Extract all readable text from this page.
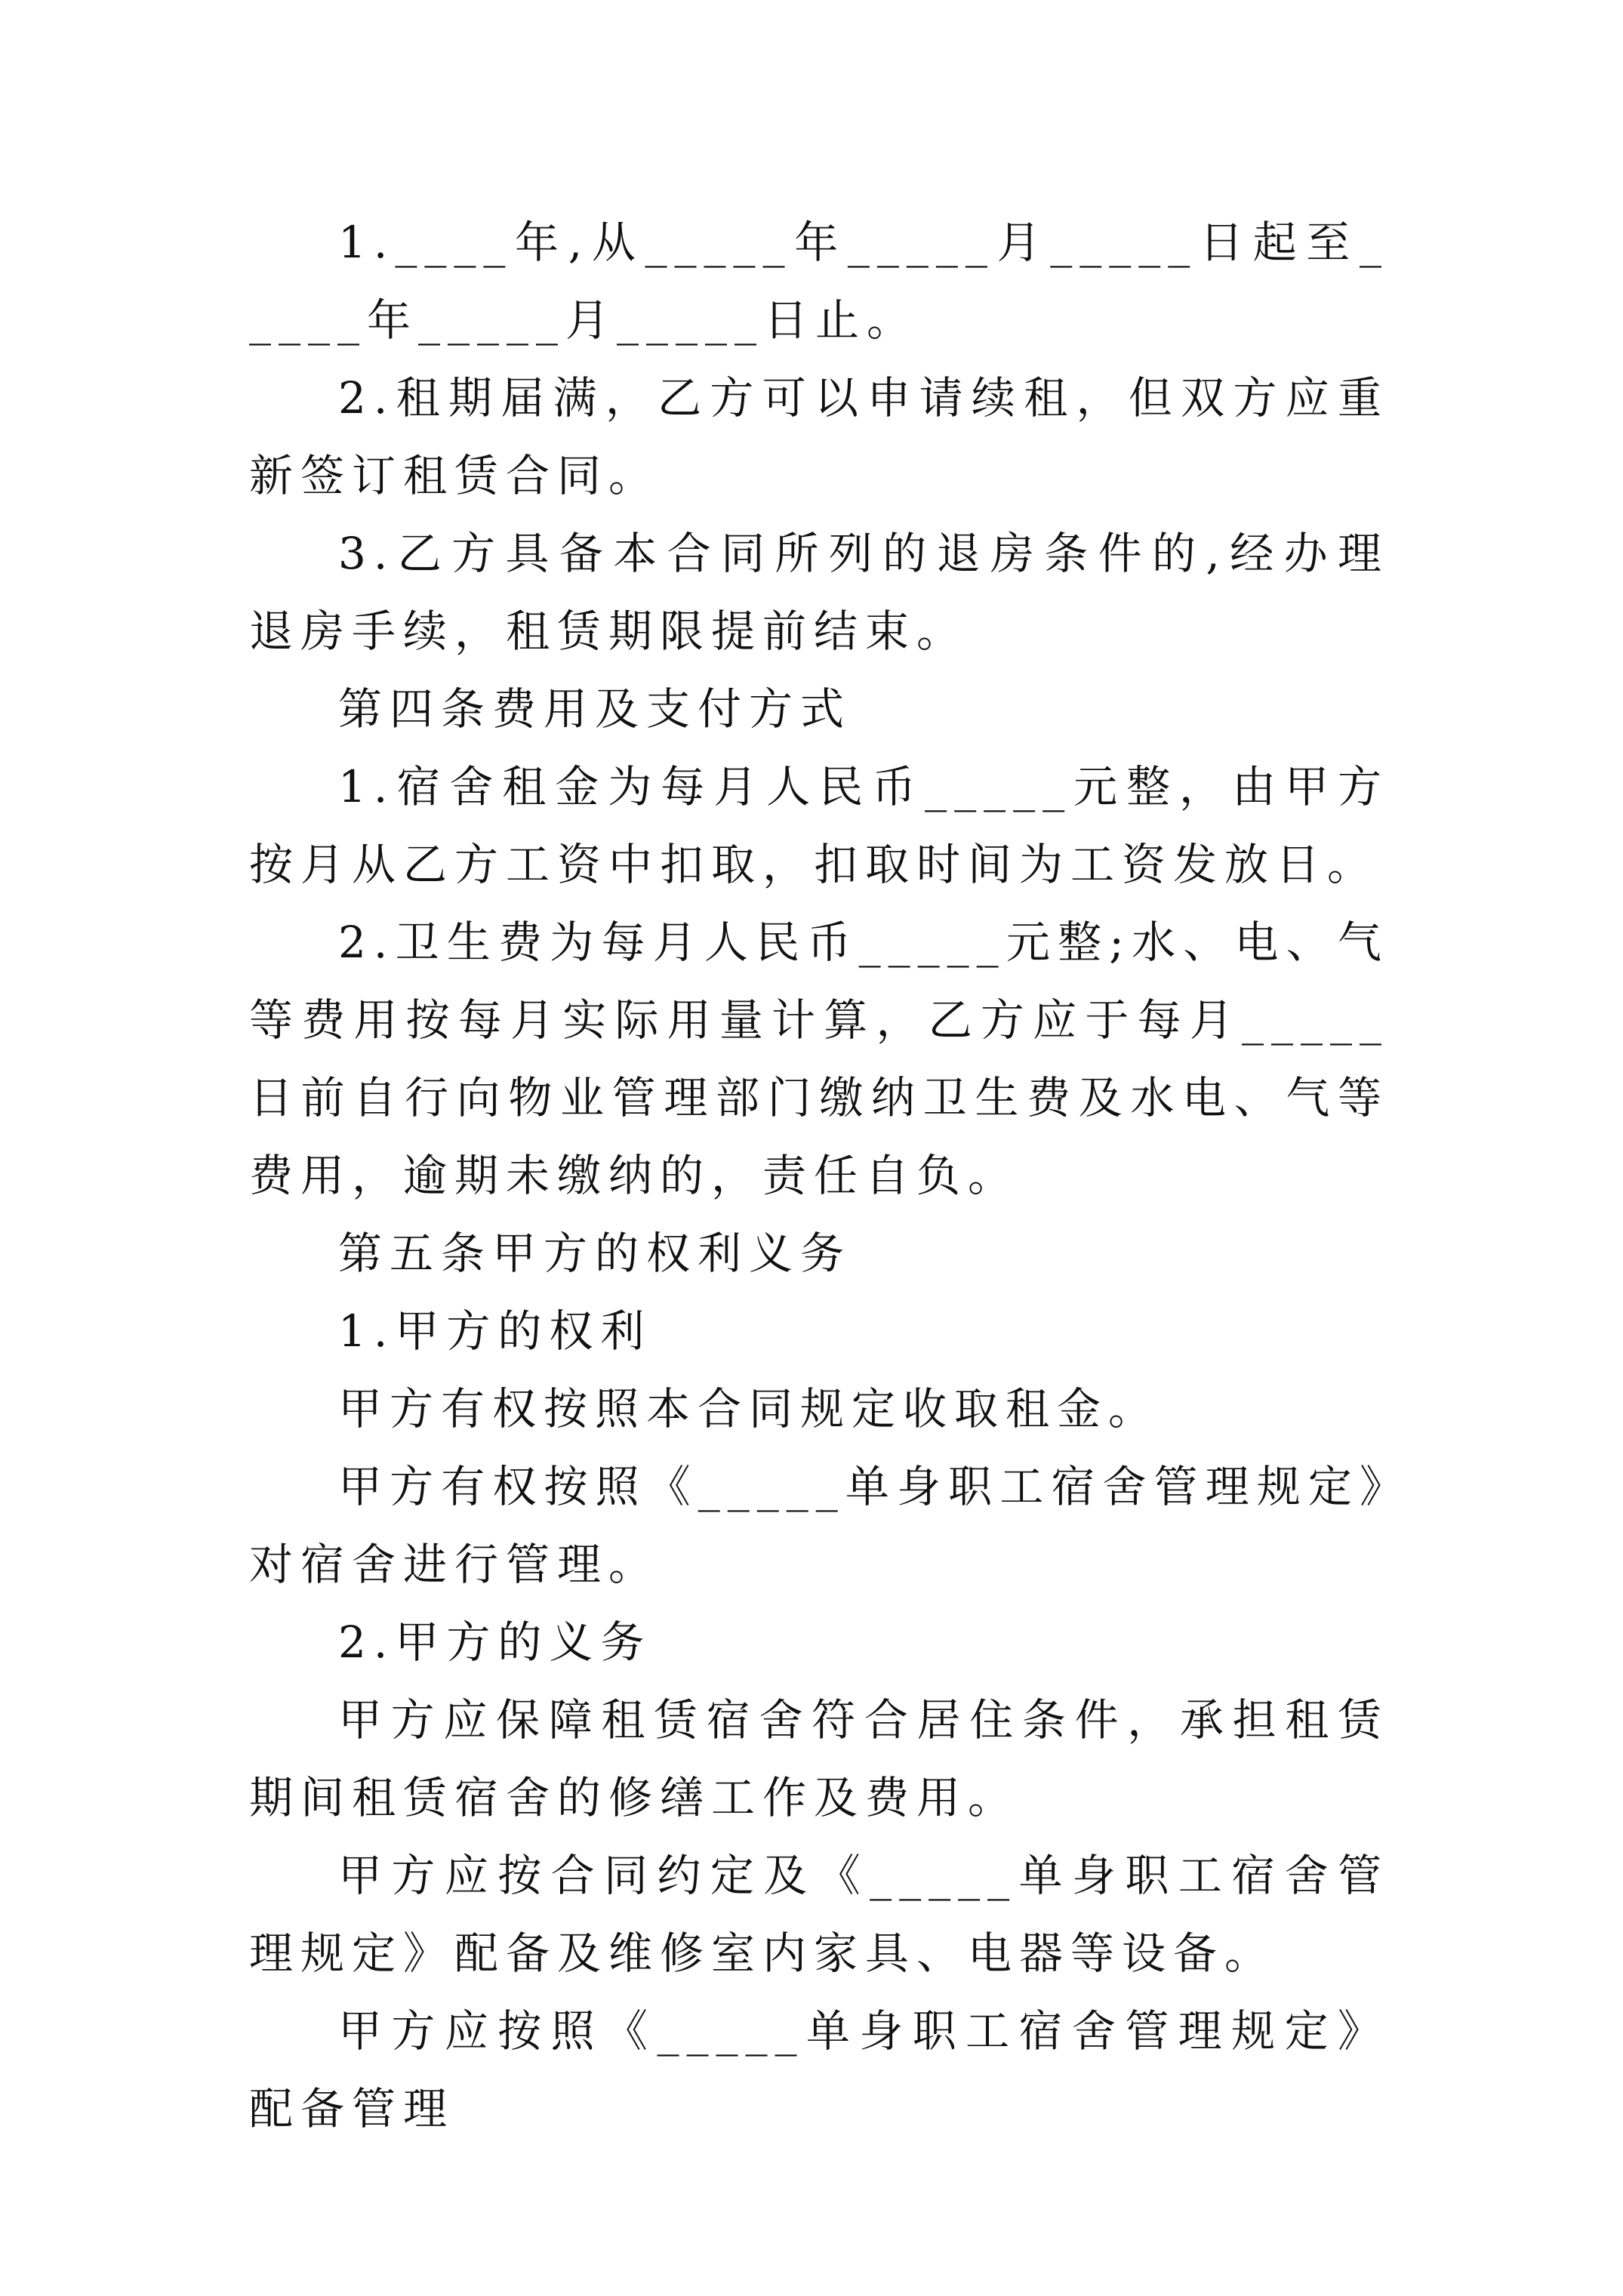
1.____年,从_____年_____月_____日起至_____年_____月_____日止。

2.租期届满，乙方可以申请续租，但双方应重新签订租赁合同。

3.乙方具备本合同所列的退房条件的,经办理退房手续，租赁期限提前结束。

第四条费用及支付方式

1.宿舍租金为每月人民币_____元整，由甲方按月从乙方工资中扣取，扣取时间为工资发放日。

2.卫生费为每月人民币_____元整;水、电、气等费用按每月实际用量计算，乙方应于每月_____日前自行向物业管理部门缴纳卫生费及水电、气等费用，逾期未缴纳的，责任自负。

第五条甲方的权利义务

1.甲方的权利

甲方有权按照本合同规定收取租金。

甲方有权按照《_____单身职工宿舍管理规定》对宿舍进行管理。

2.甲方的义务

甲方应保障租赁宿舍符合居住条件，承担租赁期间租赁宿舍的修缮工作及费用。

甲方应按合同约定及《_____单身职工宿舍管理规定》配备及维修室内家具、电器等设备。

甲方应按照《_____单身职工宿舍管理规定》配备管理
